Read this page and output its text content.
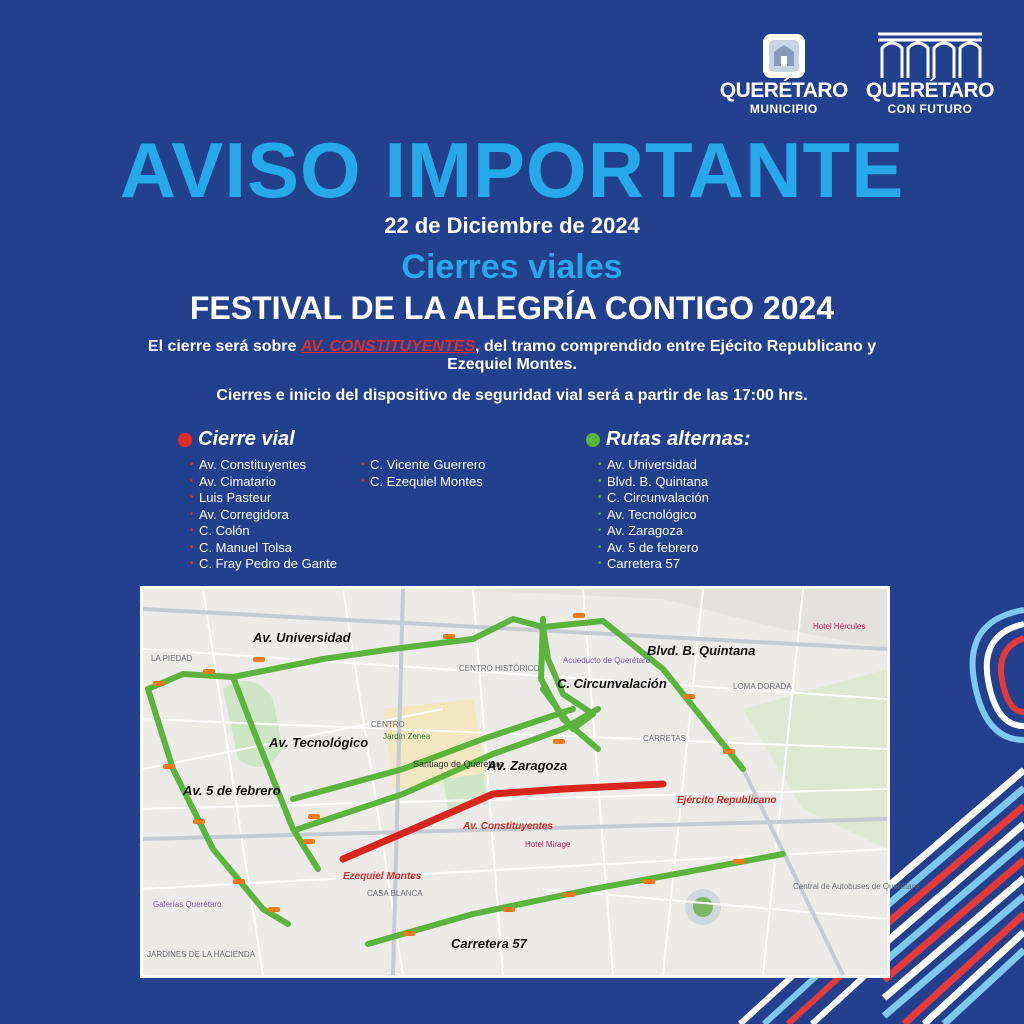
QUERÉTARO
MUNICIPIO
QUERÉTARO
CON FUTURO
AVISO IMPORTANTE
22 de Diciembre de 2024
Cierres viales
FESTIVAL DE LA ALEGRÍA CONTIGO 2024
El cierre será sobre AV. CONSTITUYENTES, del tramo comprendido entre Ejécito Republicano y Ezequiel Montes.
Cierres e inicio del dispositivo de seguridad vial será a partir de las 17:00 hrs.
Cierre vial
• Av. Constituyentes
• Av. Cimatario
• Luis Pasteur
• Av. Corregidora
• C. Colón
• C. Manuel Tolsa
• C. Fray Pedro de Gante
• C. Vicente Guerrero
• C. Ezequiel Montes
Rutas alternas:
• Av. Universidad
• Blvd. B. Quintana
• C. Circunvalación
• Av. Tecnológico
• Av. Zaragoza
• Av. 5 de febrero
• Carretera 57
LA PIEDAD
CENTRO HISTÓRICO
CENTRO
Santiago de Querétaro
CARRETAS
CASA BLANCA
JARDINES DE LA HACIENDA
LOMA DORADA
Acueducto de Querétaro
Hotel Mirage
Jardín Zenea
Hotel Hércules
Galerías Querétaro
Central de Autobuses de Querétaro
Av. Universidad
Blvd. B. Quintana
C. Circunvalación
Av. Tecnológico
Av. Zaragoza
Av. 5 de febrero
Carretera 57
Av. Constituyentes
Ezequiel Montes
Ejército Republicano
